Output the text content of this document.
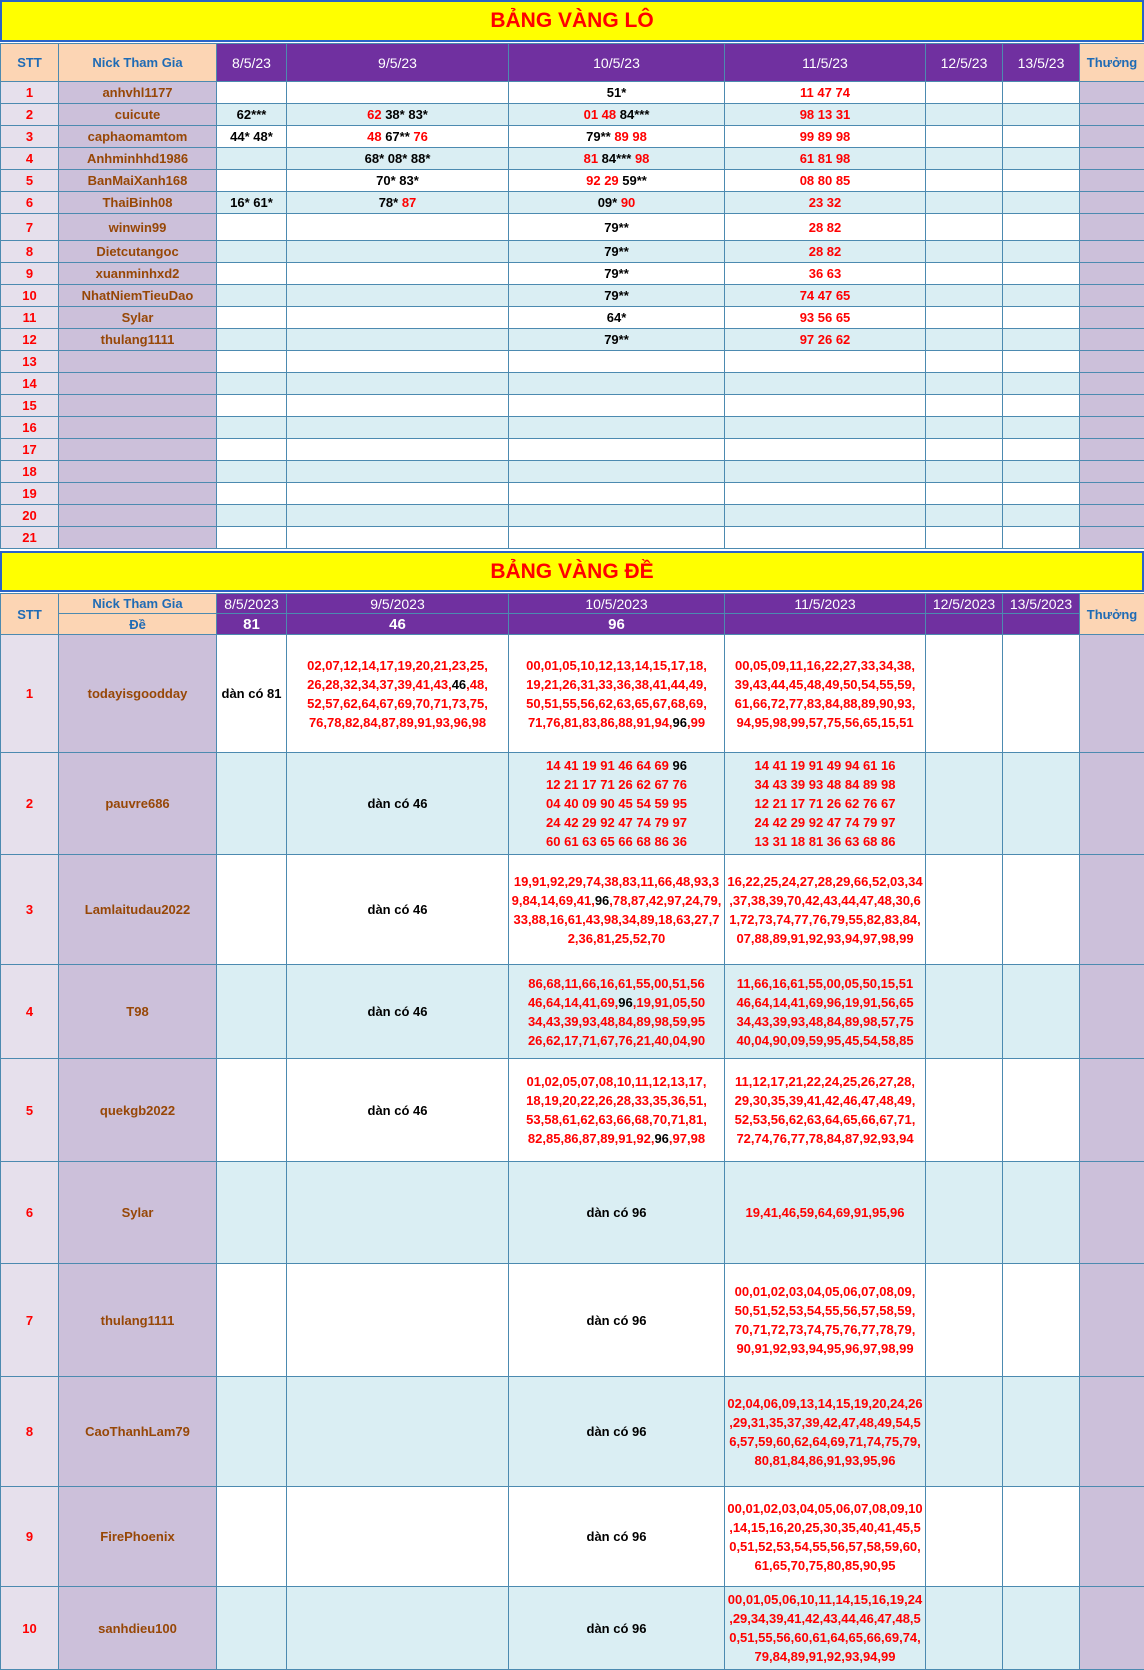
BẢNG VÀNG LÔ
STT	Nick Tham Gia	8/5/23	9/5/23	10/5/23	11/5/23	12/5/23	13/5/23	Thưởng
1	anhvhl1177			51*	11 47 74			
2	cuicute	62***	62 38* 83*	01 48 84***	98 13 31			
3	caphaomamtom	44* 48*	48 67** 76	79** 89 98	99 89 98			
4	Anhminhhd1986		68* 08* 88*	81 84*** 98	61 81 98			
5	BanMaiXanh168		70* 83*	92 29 59**	08 80 85			
6	ThaiBinh08	16* 61*	78* 87	09* 90	23 32			
7	winwin99			79**	28 82			
8	Dietcutangoc			79**	28 82			
9	xuanminhxd2			79**	36 63			
10	NhatNiemTieuDao			79**	74 47 65			
11	Sylar			64*	93 56 65			
12	thulang1111			79**	97 26 62			
13								
14								
15								
16								
17								
18								
19								
20								
21								
BẢNG VÀNG ĐỀ
STT	Nick Tham Gia	8/5/2023	9/5/2023	10/5/2023	11/5/2023	12/5/2023	13/5/2023	Thưởng
	Đề	81	46	96				
1	todayisgoodday	dàn có 81	02,07,12,14,17,19,20,21,23,25,
26,28,32,34,37,39,41,43,46,48,
52,57,62,64,67,69,70,71,73,75,
76,78,82,84,87,89,91,93,96,98	00,01,05,10,12,13,14,15,17,18,
19,21,26,31,33,36,38,41,44,49,
50,51,55,56,62,63,65,67,68,69,
71,76,81,83,86,88,91,94,96,99	00,05,09,11,16,22,27,33,34,38,
39,43,44,45,48,49,50,54,55,59,
61,66,72,77,83,84,88,89,90,93,
94,95,98,99,57,75,56,65,15,51			

2	pauvre686		dàn có 46	14 41 19 91 46 64 69 96
12 21 17 71 26 62 67 76
04 40 09 90 45 54 59 95
24 42 29 92 47 74 79 97
60 61 63 65 66 68 86 36	14 41 19 91 49 94 61 16
34 43 39 93 48 84 89 98
12 21 17 71 26 62 76 67
24 42 29 92 47 74 79 97
13 31 18 81 36 63 68 86			

3	Lamlaitudau2022		dàn có 46	19,91,92,29,74,38,83,11,66,48,93,3
9,84,14,69,41,96,78,87,42,97,24,79,
33,88,16,61,43,98,34,89,18,63,27,7
2,36,81,25,52,70	16,22,25,24,27,28,29,66,52,03,34
,37,38,39,70,42,43,44,47,48,30,6
1,72,73,74,77,76,79,55,82,83,84,
07,88,89,91,92,93,94,97,98,99			

4	T98		dàn có 46	86,68,11,66,16,61,55,00,51,56
46,64,14,41,69,96,19,91,05,50
34,43,39,93,48,84,89,98,59,95
26,62,17,71,67,76,21,40,04,90	11,66,16,61,55,00,05,50,15,51
46,64,14,41,69,96,19,91,56,65
34,43,39,93,48,84,89,98,57,75
40,04,90,09,59,95,45,54,58,85			

5	quekgb2022		dàn có 46	01,02,05,07,08,10,11,12,13,17,
18,19,20,22,26,28,33,35,36,51,
53,58,61,62,63,66,68,70,71,81,
82,85,86,87,89,91,92,96,97,98	11,12,17,21,22,24,25,26,27,28,
29,30,35,39,41,42,46,47,48,49,
52,53,56,62,63,64,65,66,67,71,
72,74,76,77,78,84,87,92,93,94			

6	Sylar			dàn có 96	19,41,46,59,64,69,91,95,96			

7	thulang1111			dàn có 96	00,01,02,03,04,05,06,07,08,09,
50,51,52,53,54,55,56,57,58,59,
70,71,72,73,74,75,76,77,78,79,
90,91,92,93,94,95,96,97,98,99			

8	CaoThanhLam79			dàn có 96	02,04,06,09,13,14,15,19,20,24,26
,29,31,35,37,39,42,47,48,49,54,5
6,57,59,60,62,64,69,71,74,75,79,
80,81,84,86,91,93,95,96			

9	FirePhoenix			dàn có 96	00,01,02,03,04,05,06,07,08,09,10
,14,15,16,20,25,30,35,40,41,45,5
0,51,52,53,54,55,56,57,58,59,60,
61,65,70,75,80,85,90,95			

10	sanhdieu100			dàn có 96	00,01,05,06,10,11,14,15,16,19,24
,29,34,39,41,42,43,44,46,47,48,5
0,51,55,56,60,61,64,65,66,69,74,
79,84,89,91,92,93,94,99			
